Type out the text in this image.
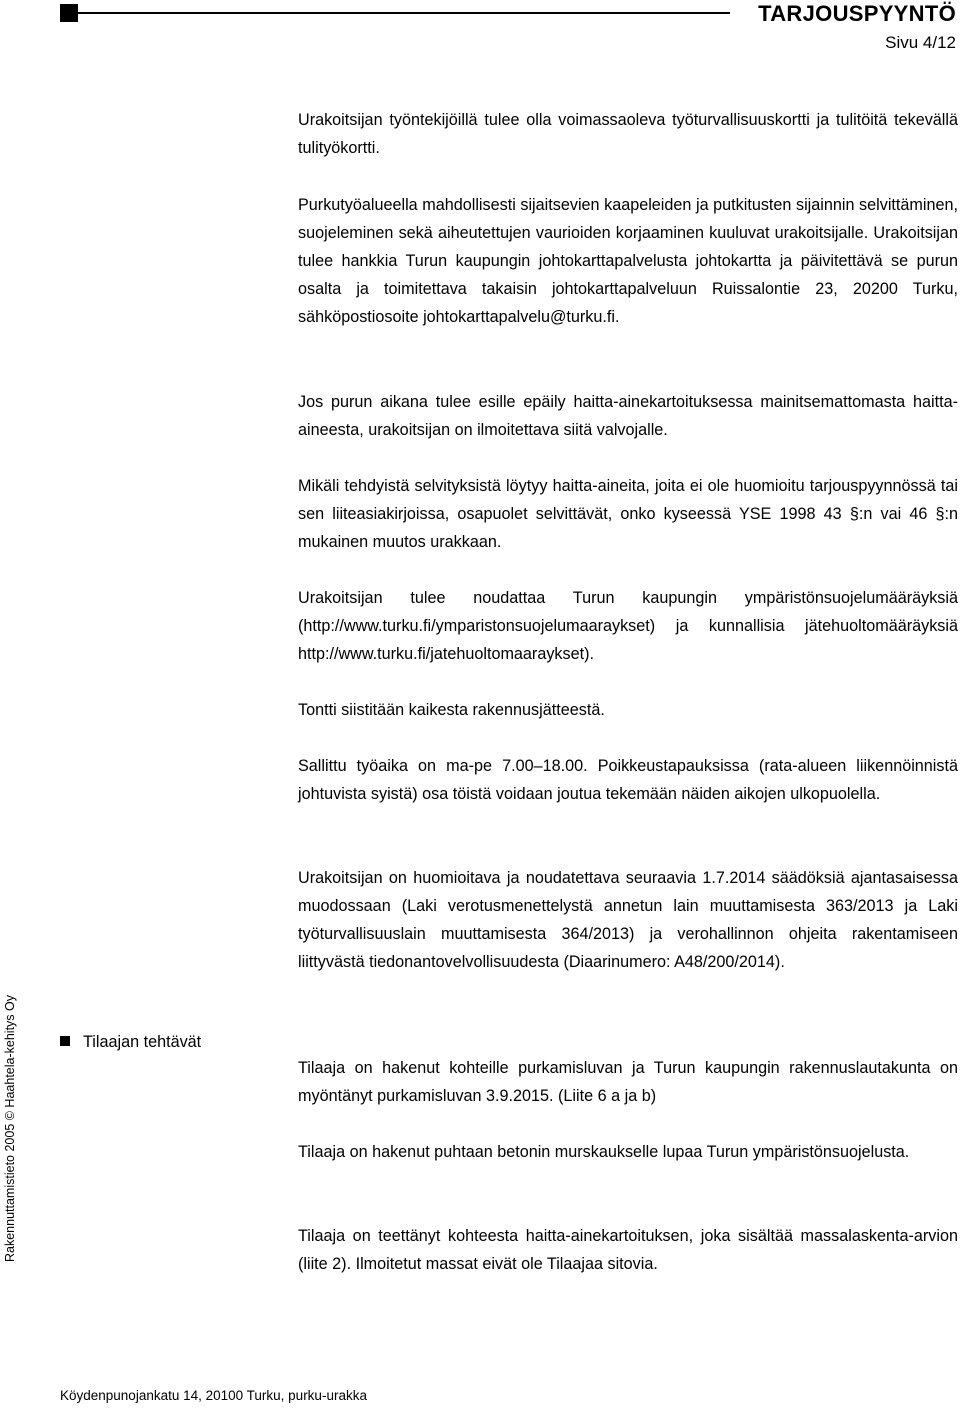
TARJOUSPYYNTÖ
Sivu 4/12

Urakoitsijan työntekijöillä tulee olla voimassaoleva työturvallisuuskortti ja tulitöitä tekevällä tulityökortti.

Purkutyöalueella mahdollisesti sijaitsevien kaapeleiden ja putkitusten sijainnin selvittäminen, suojeleminen sekä aiheutettujen vaurioiden korjaaminen kuuluvat urakoitsijalle. Urakoitsijan tulee hankkia Turun kaupungin johtokarttapalvelusta johtokartta ja päivitettävä se purun osalta ja toimitettava takaisin johtokarttapalveluun Ruissalontie 23, 20200 Turku, sähköpostiosoite johtokarttapalvelu@turku.fi.

Jos purun aikana tulee esille epäily haitta-ainekartoituksessa mainitsemattomasta haitta-aineesta, urakoitsijan on ilmoitettava siitä valvojalle.

Mikäli tehdyistä selvityksistä löytyy haitta-aineita, joita ei ole huomioitu tarjouspyynnössä tai sen liiteasiakirjoissa, osapuolet selvittävät, onko kyseessä YSE 1998 43 §:n vai 46 §:n mukainen muutos urakkaan.

Urakoitsijan tulee noudattaa Turun kaupungin ympäristönsuojelumääräyksiä (http://www.turku.fi/ymparistonsuojelumaaraykset) ja kunnallisia jätehuoltomääräyksiä http://www.turku.fi/jatehuoltomaaraykset).

Tontti siistitään kaikesta rakennusjätteestä.

Sallittu työaika on ma-pe 7.00–18.00. Poikkeustapauksissa (rata-alueen liikennöinnistä johtuvista syistä) osa töistä voidaan joutua tekemään näiden aikojen ulkopuolella.

Urakoitsijan on huomioitava ja noudatettava seuraavia 1.7.2014 säädöksiä ajantasaisessa muodossaan (Laki verotusmenettelystä annetun lain muuttamisesta 363/2013 ja Laki työturvallisuuslain muuttamisesta 364/2013) ja verohallinnon ohjeita rakentamiseen liittyvästä tiedonantovelvollisuudesta (Diaarinumero: A48/200/2014).

Tilaajan tehtävät

Tilaaja on hakenut kohteille purkamisluvan ja Turun kaupungin rakennuslautakunta on myöntänyt purkamisluvan 3.9.2015. (Liite 6 a ja b)

Tilaaja on hakenut puhtaan betonin murskaukselle lupaa Turun ympäristönsuojelusta.

Tilaaja on teettänyt kohteesta haitta-ainekartoituksen, joka sisältää massalaskenta-arvion (liite 2). Ilmoitetut massat eivät ole Tilaajaa sitovia.

Rakennuttamistieto 2005 © Haahtela-kehitys Oy
Köydenpunojankatu 14, 20100 Turku, purku-urakka
